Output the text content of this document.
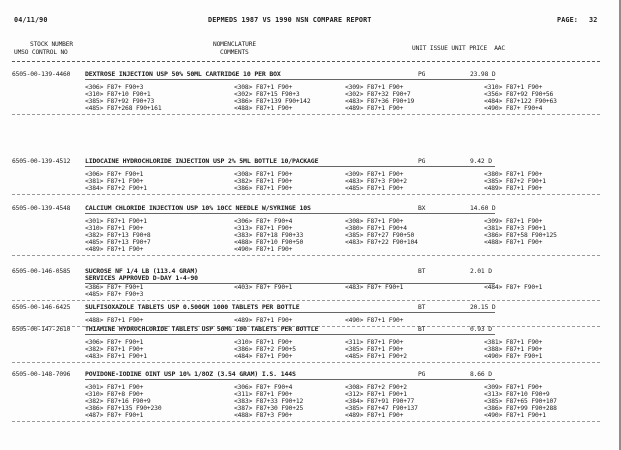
04/11/90	DEPMEDS 1987 VS 1990 NSN COMPARE REPORT	PAGE: 32
STOCK NUMBER
UMSO CONTROL NO
NOMENCLATURE
COMMENTS
UNIT ISSUE UNIT PRICE  AAC
6505-00-139-4460 DEXTROSE INJECTION USP 50% 50ML CARTRIDGE 10 PER BOX	PG	23.98 D
<306> F87+ F90+3	<308> F87+1 F90+	<309> F87+1 F90+	<310> F87+1 F90+
<310> F87+10 F90+1	<302> F87+15 F90+3	<302> F87+32 F90+7	<356> F87+92 F90+56
<385> F87+92 F90+73	<386> F87+139 F90+142	<483> F87+36 F90+19	<484> F87+122 F90+63
<485> F87+268 F90+161	<488> F87+1 F90+	<489> F87+1 F90+	<490> F87+ F90+4
6505-00-139-4512 LIDOCAINE HYDROCHLORIDE INJECTION USP 2% 5ML BOTTLE 10/PACKAGE	PG	9.42 D
<306> F87+ F90+1	<308> F87+1 F90+	<309> F87+1 F90+	<380> F87+1 F90+
<381> F87+1 F90+	<382> F87+1 F90+	<483> F87+3 F90+2	<385> F87+2 F90+1
<384> F87+2 F90+1	<386> F87+1 F90+	<485> F87+1 F90+	<489> F87+1 F90+
6505-00-139-4548 CALCIUM CHLORIDE INJECTION USP 10% 10CC NEEDLE W/SYRINGE 10S	BX	14.60 D
<301> F87+1 F90+1	<306> F87+ F90+4	<308> F87+1 F90+	<309> F87+1 F90+
<310> F87+1 F90+	<313> F87+1 F90+	<380> F87+1 F90+4	<381> F87+3 F90+1
<382> F87+13 F90+8	<383> F87+18 F90+33	<385> F87+27 F90+50	<386> F87+58 F90+125
<485> F87+13 F90+7	<488> F87+10 F90+50	<483> F87+22 F90+104	<488> F87+1 F90+
<489> F87+1 F90+	<490> F87+1 F90+
6505-00-146-0585 SUCROSE NF 1/4 LB (113.4 GRAM)	BT	2.01 D
SERVICES APPROVED D-DAY 1-4-90
<386> F87+ F90+1	<403> F87+ F90+1	<483> F87+ F90+1	<484> F87+ F90+1
<485> F87+ F90+3
6505-00-146-6425 SULFISOXAZOLE TABLETS USP 0.500GM 1000 TABLETS PER BOTTLE	BT	20.15 D
<488> F87+1 F90+	<489> F87+1 F90+	<490> F87+1 F90+
6505-00-147-2610 THIAMINE HYDROCHLORIDE TABLETS USP 50MG 100 TABLETS PER BOTTLE	BT	0.93 D
<306> F87+ F90+1	<310> F87+1 F90+	<311> F87+1 F90+	<381> F87+1 F90+
<382> F87+1 F90+	<386> F87+2 F90+5	<385> F87+1 F90+	<388> F87+1 F90+
<483> F87+1 F90+1	<484> F87+1 F90+	<485> F87+1 F90+2	<490> F87+ F90+1
6505-00-148-7096 POVIDONE-IODINE OINT USP 10% 1/8OZ (3.54 GRAM) I.S. 144S	PG	8.66 D
<301> F87+1 F90+	<306> F87+ F90+4	<308> F87+2 F90+2	<309> F87+1 F90+
<310> F87+8 F90+	<311> F87+1 F90+	<312> F87+1 F90+1	<313> F87+10 F90+9
<382> F87+16 F90+9	<383> F87+33 F90+12	<384> F87+91 F90+77	<385> F87+65 F90+107
<386> F87+135 F90+230	<387> F87+30 F90+25	<385> F87+47 F90+137	<386> F87+99 F90+288
<487> F87+ F90+1	<488> F87+3 F90+	<489> F87+1 F90+	<490> F87+1 F90+1
